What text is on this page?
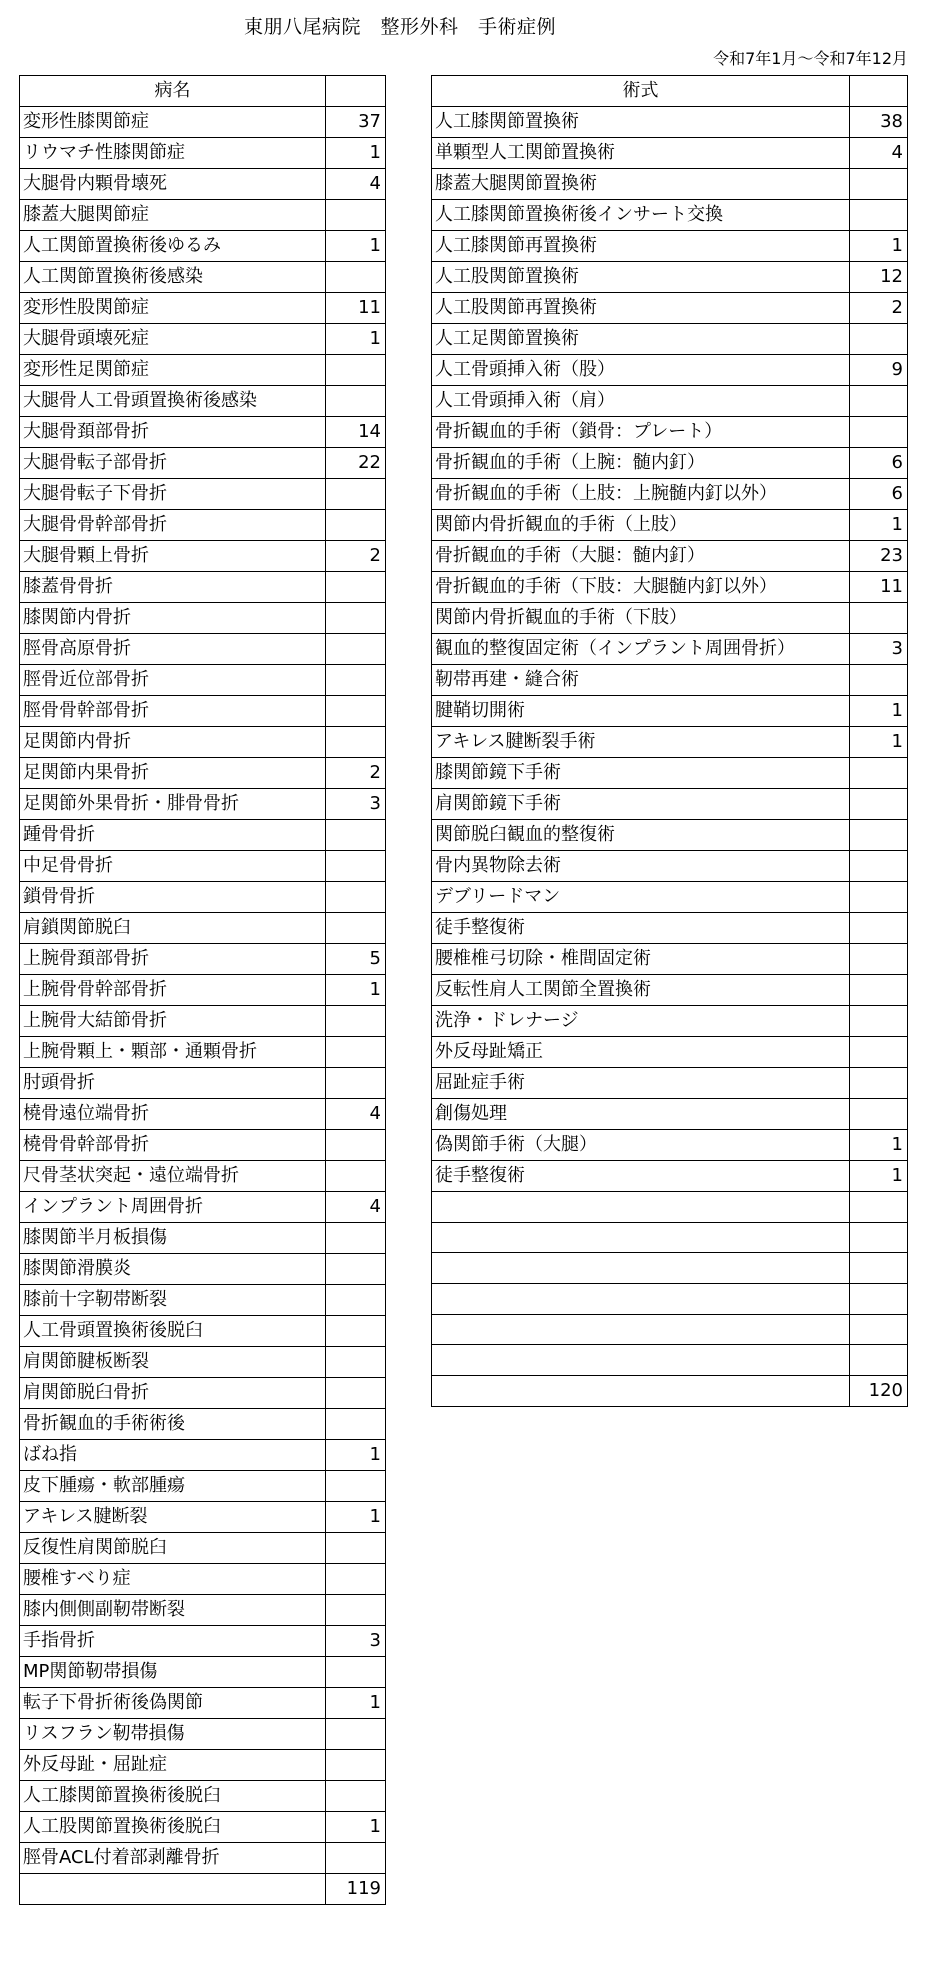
東朋八尾病院　整形外科　手術症例
令和7年1月～令和7年12月
病名	
変形性膝関節症	37
リウマチ性膝関節症	1
大腿骨内顆骨壊死	4
膝蓋大腿関節症	
人工関節置換術後ゆるみ	1
人工関節置換術後感染	
変形性股関節症	11
大腿骨頭壊死症	1
変形性足関節症	
大腿骨人工骨頭置換術後感染	
大腿骨頚部骨折	14
大腿骨転子部骨折	22
大腿骨転子下骨折	
大腿骨骨幹部骨折	
大腿骨顆上骨折	2
膝蓋骨骨折	
膝関節内骨折	
脛骨高原骨折	
脛骨近位部骨折	
脛骨骨幹部骨折	
足関節内骨折	
足関節内果骨折	2
足関節外果骨折・腓骨骨折	3
踵骨骨折	
中足骨骨折	
鎖骨骨折	
肩鎖関節脱臼	
上腕骨頚部骨折	5
上腕骨骨幹部骨折	1
上腕骨大結節骨折	
上腕骨顆上・顆部・通顆骨折	
肘頭骨折	
橈骨遠位端骨折	4
橈骨骨幹部骨折	
尺骨茎状突起・遠位端骨折	
インプラント周囲骨折	4
膝関節半月板損傷	
膝関節滑膜炎	
膝前十字靭帯断裂	
人工骨頭置換術後脱臼	
肩関節腱板断裂	
肩関節脱臼骨折	
骨折観血的手術術後	
ばね指	1
皮下腫瘍・軟部腫瘍	
アキレス腱断裂	1
反復性肩関節脱臼	
腰椎すべり症	
膝内側側副靭帯断裂	
手指骨折	3
MP関節靭帯損傷	
転子下骨折術後偽関節	1
リスフラン靭帯損傷	
外反母趾・屈趾症	
人工膝関節置換術後脱臼	
人工股関節置換術後脱臼	1
脛骨ACL付着部剥離骨折	
	119
術式	
人工膝関節置換術	38
単顆型人工関節置換術	4
膝蓋大腿関節置換術	
人工膝関節置換術後インサート交換	
人工膝関節再置換術	1
人工股関節置換術	12
人工股関節再置換術	2
人工足関節置換術	
人工骨頭挿入術（股）	9
人工骨頭挿入術（肩）	
骨折観血的手術（鎖骨：プレート）	
骨折観血的手術（上腕：髄内釘）	6
骨折観血的手術（上肢：上腕髄内釘以外）	6
関節内骨折観血的手術（上肢）	1
骨折観血的手術（大腿：髄内釘）	23
骨折観血的手術（下肢：大腿髄内釘以外）	11
関節内骨折観血的手術（下肢）	
観血的整復固定術（インプラント周囲骨折）	3
靭帯再建・縫合術	
腱鞘切開術	1
アキレス腱断裂手術	1
膝関節鏡下手術	
肩関節鏡下手術	
関節脱臼観血的整復術	
骨内異物除去術	
デブリードマン	
徒手整復術	
腰椎椎弓切除・椎間固定術	
反転性肩人工関節全置換術	
洗浄・ドレナージ	
外反母趾矯正	
屈趾症手術	
創傷処理	
偽関節手術（大腿）	1
徒手整復術	1

	120
